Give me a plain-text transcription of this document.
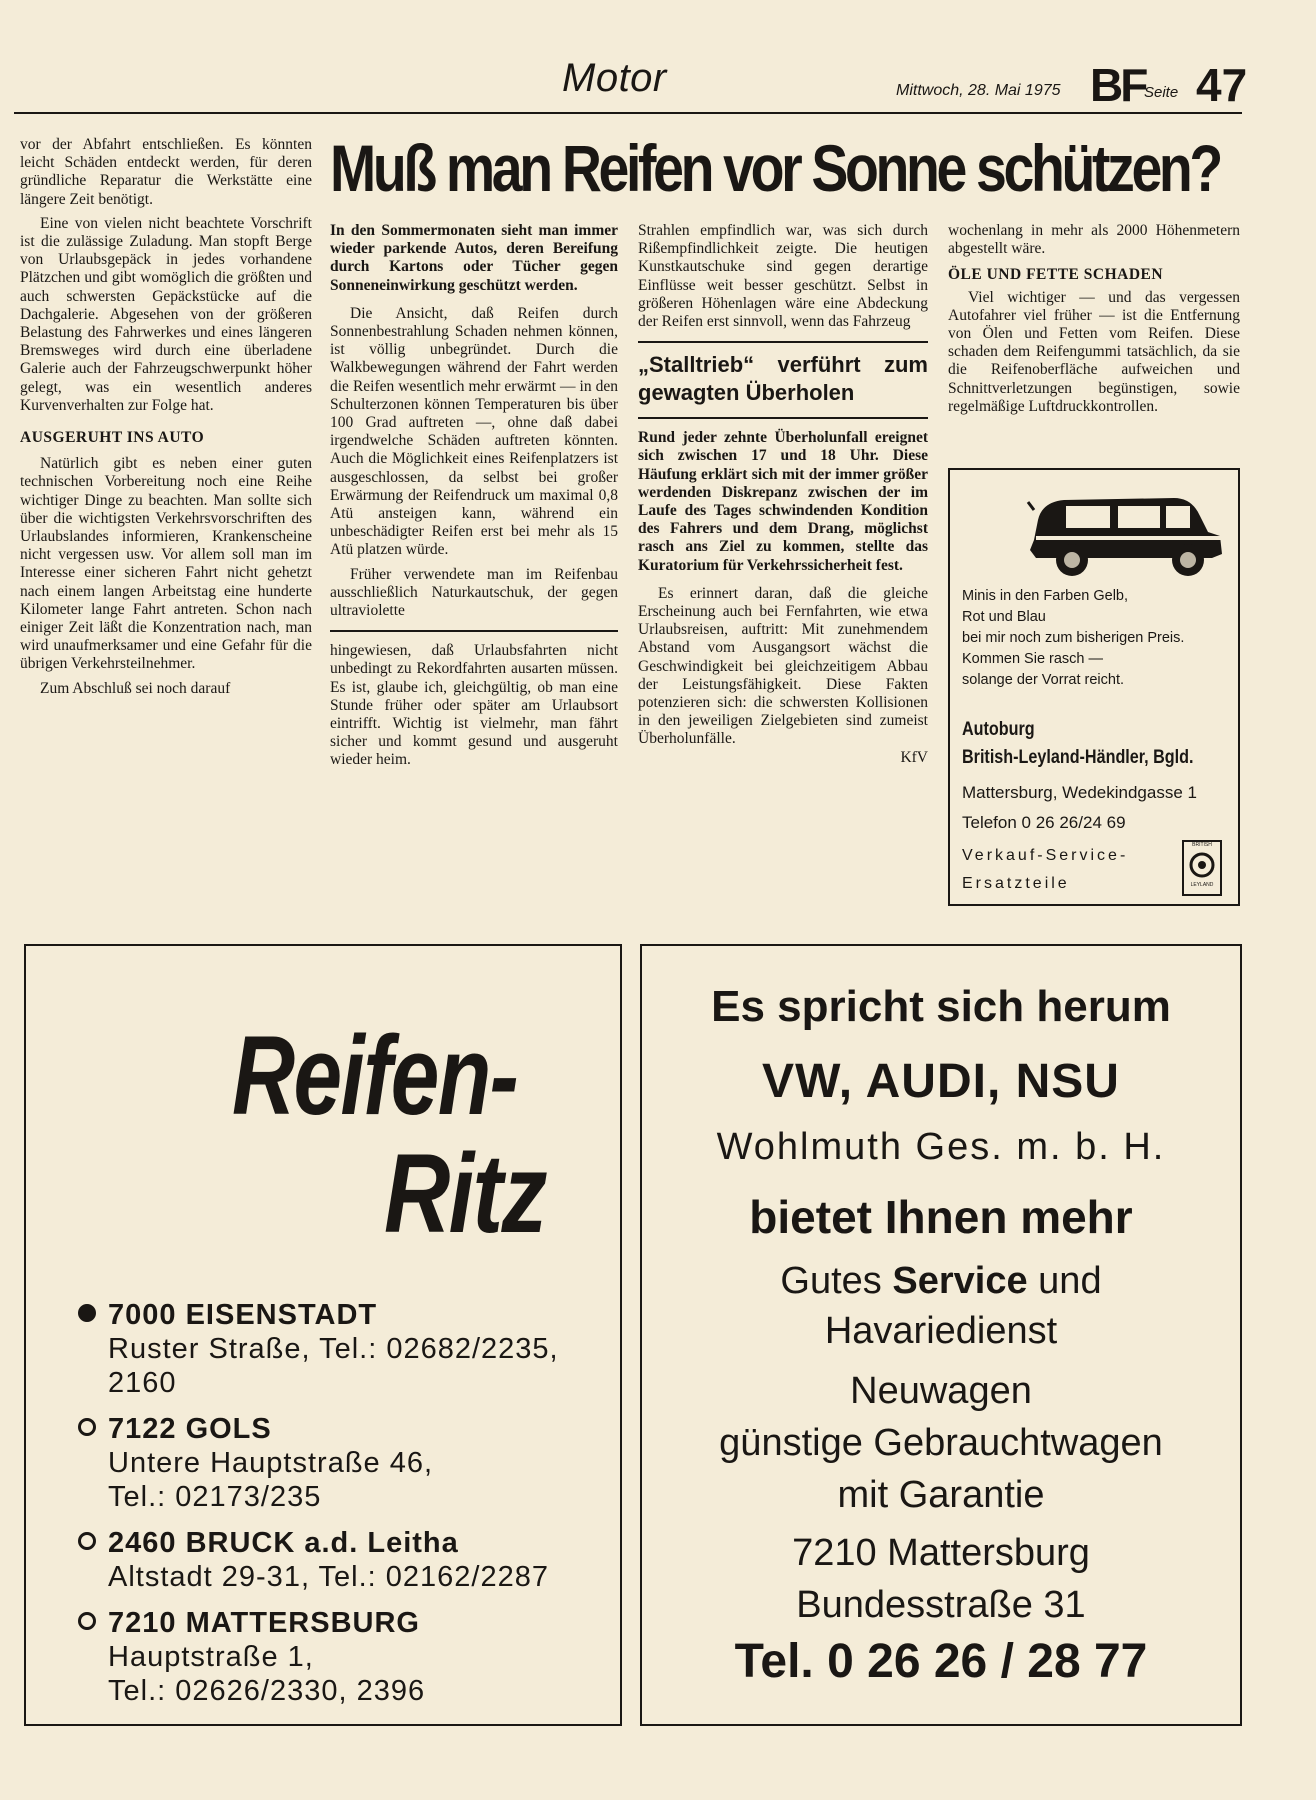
Motor	Mittwoch, 28. Mai 1975 BF
Seite 47
Muß man Reifen vor Sonne schützen?

vor der Abfahrt entschließen. Es könnten leicht Schäden entdeckt werden, für deren gründliche Reparatur die Werkstätte eine längere Zeit benötigt.

Eine von vielen nicht beachtete Vorschrift ist die zulässige Zuladung. Man stopft Berge von Urlaubsgepäck in jedes vorhandene Plätzchen und gibt womöglich die größten und auch schwersten Gepäckstücke auf die Dachgalerie. Abgesehen von der größeren Belastung des Fahrwerkes und eines längeren Bremsweges wird durch eine überladene Galerie auch der Fahrzeugschwerpunkt höher gelegt, was ein wesentlich anderes Kurvenverhalten zur Folge hat.

AUSGERUHT INS AUTO

Natürlich gibt es neben einer guten technischen Vorbereitung noch eine Reihe wichtiger Dinge zu beachten. Man sollte sich über die wichtigsten Verkehrsvorschriften des Urlaubslandes informieren, Krankenscheine nicht vergessen usw. Vor allem soll man im Interesse einer sicheren Fahrt nicht gehetzt nach einem langen Arbeitstag eine hunderte Kilometer lange Fahrt antreten. Schon nach einiger Zeit läßt die Konzentration nach, man wird unaufmerksamer und eine Gefahr für die übrigen Verkehrsteilnehmer.

Zum Abschluß sei noch darauf

In den Sommermonaten sieht man immer wieder parkende Autos, deren Bereifung durch Kartons oder Tücher gegen Sonneneinwirkung geschützt werden.

Die Ansicht, daß Reifen durch Sonnenbestrahlung Schaden nehmen können, ist völlig unbegründet. Durch die Walkbewegungen während der Fahrt werden die Reifen wesentlich mehr erwärmt — in den Schulterzonen können Temperaturen bis über 100 Grad auftreten —, ohne daß dabei irgendwelche Schäden auftreten könnten. Auch die Möglichkeit eines Reifenplatzers ist ausgeschlossen, da selbst bei großer Erwärmung der Reifendruck um maximal 0,8 Atü ansteigen kann, während ein unbeschädigter Reifen erst bei mehr als 15 Atü platzen würde.

Früher verwendete man im Reifenbau ausschließlich Naturkautschuk, der gegen ultraviolette

hingewiesen, daß Urlaubsfahrten nicht unbedingt zu Rekordfahrten ausarten müssen. Es ist, glaube ich, gleichgültig, ob man eine Stunde früher oder später am Urlaubsort eintrifft. Wichtig ist vielmehr, man fährt sicher und kommt gesund und ausgeruht wieder heim.

Strahlen empfindlich war, was sich durch Rißempfindlichkeit zeigte. Die heutigen Kunstkautschuke sind gegen derartige Einflüsse weit besser geschützt. Selbst in größeren Höhenlagen wäre eine Abdeckung der Reifen erst sinnvoll, wenn das Fahrzeug

„Stalltrieb“ verführt zum gewagten Überholen
Rund jeder zehnte Überholunfall ereignet sich zwischen 17 und 18 Uhr. Diese Häufung erklärt sich mit der immer größer werdenden Diskrepanz zwischen der im Laufe des Tages schwindenden Kondition des Fahrers und dem Drang, möglichst rasch ans Ziel zu kommen, stellte das Kuratorium für Verkehrssicherheit fest.

Es erinnert daran, daß die gleiche Erscheinung auch bei Fernfahrten, wie etwa Urlaubsreisen, auftritt: Mit zunehmendem Abstand vom Ausgangsort wächst die Geschwindigkeit bei gleichzeitigem Abbau der Leistungsfähigkeit. Diese Fakten potenzieren sich: die schwersten Kollisionen in den jeweiligen Zielgebieten sind zumeist Überholunfälle.

KfV

wochenlang in mehr als 2000 Höhenmetern abgestellt wäre.

ÖLE UND FETTE SCHADEN

Viel wichtiger — und das vergessen Autofahrer viel früher — ist die Entfernung von Ölen und Fetten vom Reifen. Diese schaden dem Reifengummi tatsächlich, da sie die Reifenoberfläche aufweichen und Schnittverletzungen begünstigen, sowie regelmäßige Luftdruckkontrollen.

Minis in den Farben Gelb,
Rot und Blau
bei mir noch zum bisherigen Preis.
Kommen Sie rasch —
solange der Vorrat reicht.
Autoburg
British-Leyland-Händler, Bgld.
Mattersburg, Wedekindgasse 1
Telefon 0 26 26/24 69
Verkauf-Service-
Ersatzteile
BRITISH
LEYLAND
Reifen-
Ritz
7000 EISENSTADT
Ruster Straße, Tel.: 02682/2235,
2160
7122 GOLS
Untere Hauptstraße 46,
Tel.: 02173/235
2460 BRUCK a.d. Leitha
Altstadt 29-31, Tel.: 02162/2287
7210 MATTERSBURG
Hauptstraße 1,
Tel.: 02626/2330, 2396
Es spricht sich herum
VW, AUDI, NSU
Wohlmuth Ges. m. b. H.
bietet Ihnen mehr
Gutes Service und
Havariedienst
Neuwagen
günstige Gebrauchtwagen
mit Garantie
7210 Mattersburg
Bundesstraße 31
Tel. 0 26 26 / 28 77
